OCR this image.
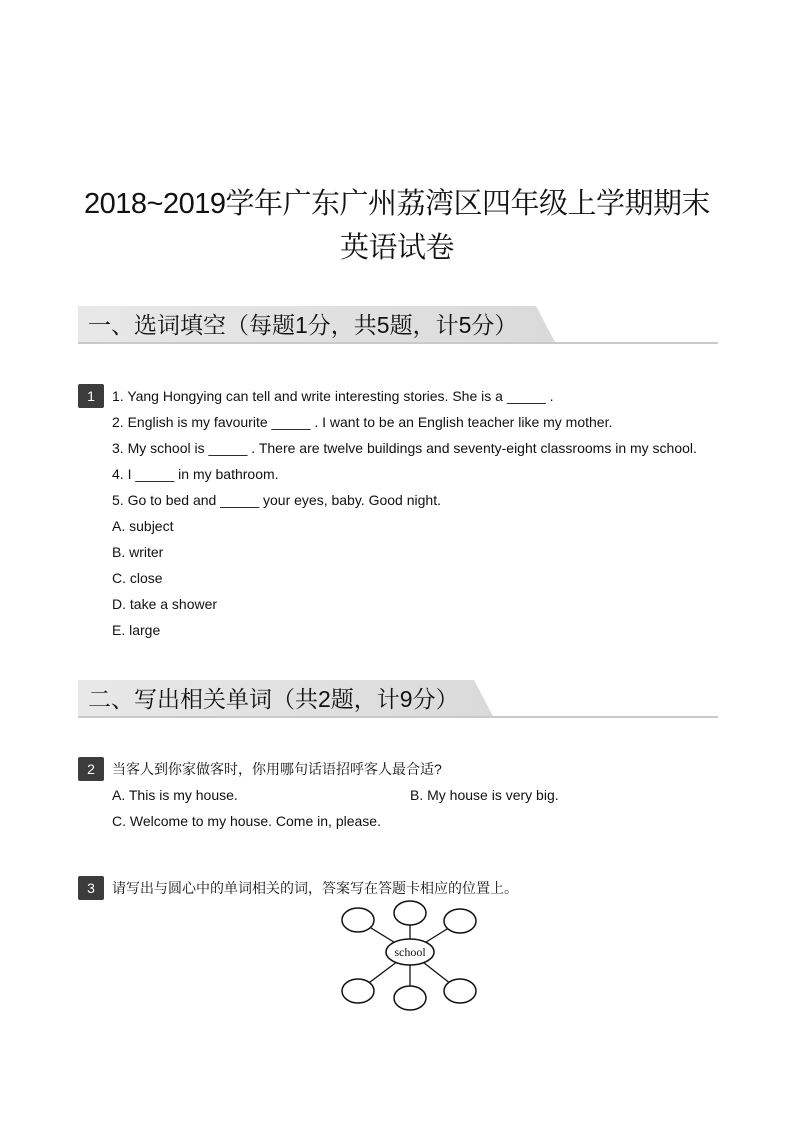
2018~2019学年广东广州荔湾区四年级上学期期末
英语试卷
一、选词填空（每题1分，共5题，计5分）
1	1. Yang Hongying can tell and write interesting stories. She is a _____ .
2. English is my favourite _____ . I want to be an English teacher like my mother.
3. My school is _____ . There are twelve buildings and seventy-eight classrooms in my school.
4. I _____ in my bathroom.
5. Go to bed and _____ your eyes, baby. Good night.
A. subject
B. writer
C. close
D. take a shower
E. large
二、写出相关单词（共2题，计9分）
2	当客人到你家做客时，你用哪句话语招呼客人最合适?
A. This is my house.	B. My house is very big.
C. Welcome to my house. Come in, please.
3	请写出与圆心中的单词相关的词，答案写在答题卡相应的位置上。
school
